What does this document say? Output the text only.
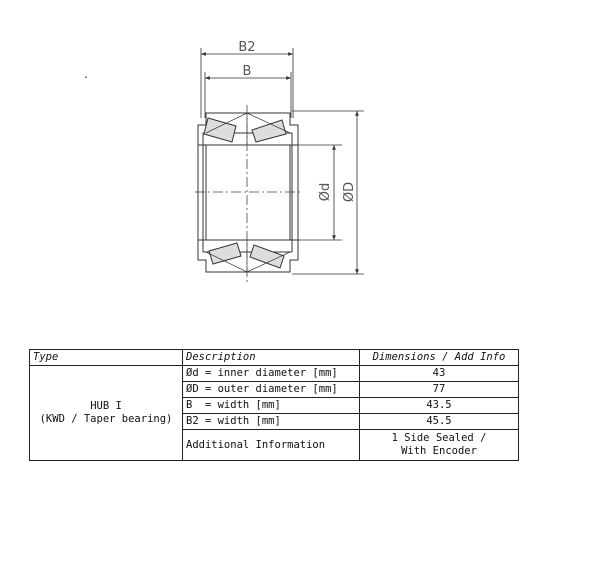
.
B2
B
Ød ØD
Type	Description	Dimensions / Add Info

HUB I
(KWD / Taper bearing)	Ød = inner diameter [mm]	43
	ØD = outer diameter [mm]	77
	B  = width [mm]	43.5
	B2 = width [mm]	45.5
	Additional Information	1 Side Sealed /
With Encoder
